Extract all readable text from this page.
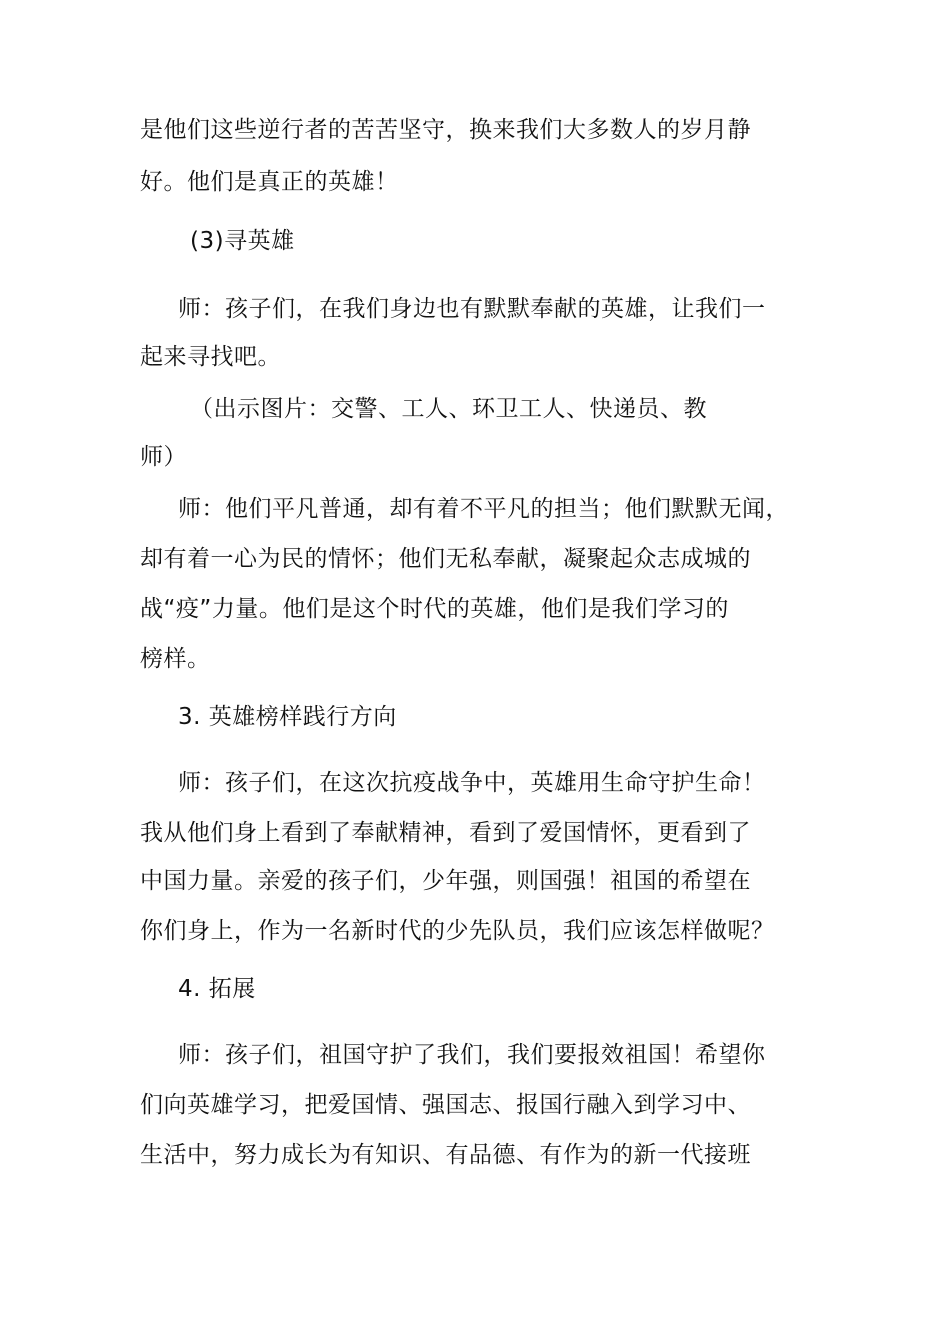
是他们这些逆行者的苦苦坚守，换来我们大多数人的岁月静
好。他们是真正的英雄！
(3)寻英雄
师：孩子们，在我们身边也有默默奉献的英雄，让我们一
起来寻找吧。
（出示图片：交警、工人、环卫工人、快递员、教
师）
师：他们平凡普通，却有着不平凡的担当；他们默默无闻，
却有着一心为民的情怀；他们无私奉献，凝聚起众志成城的
战“疫”力量。他们是这个时代的英雄，他们是我们学习的
榜样。
3. 英雄榜样践行方向
师：孩子们，在这次抗疫战争中，英雄用生命守护生命！
我从他们身上看到了奉献精神，看到了爱国情怀，更看到了
中国力量。亲爱的孩子们，少年强，则国强！祖国的希望在
你们身上，作为一名新时代的少先队员，我们应该怎样做呢？
4. 拓展
师：孩子们，祖国守护了我们，我们要报效祖国！希望你
们向英雄学习，把爱国情、强国志、报国行融入到学习中、
生活中，努力成长为有知识、有品德、有作为的新一代接班
